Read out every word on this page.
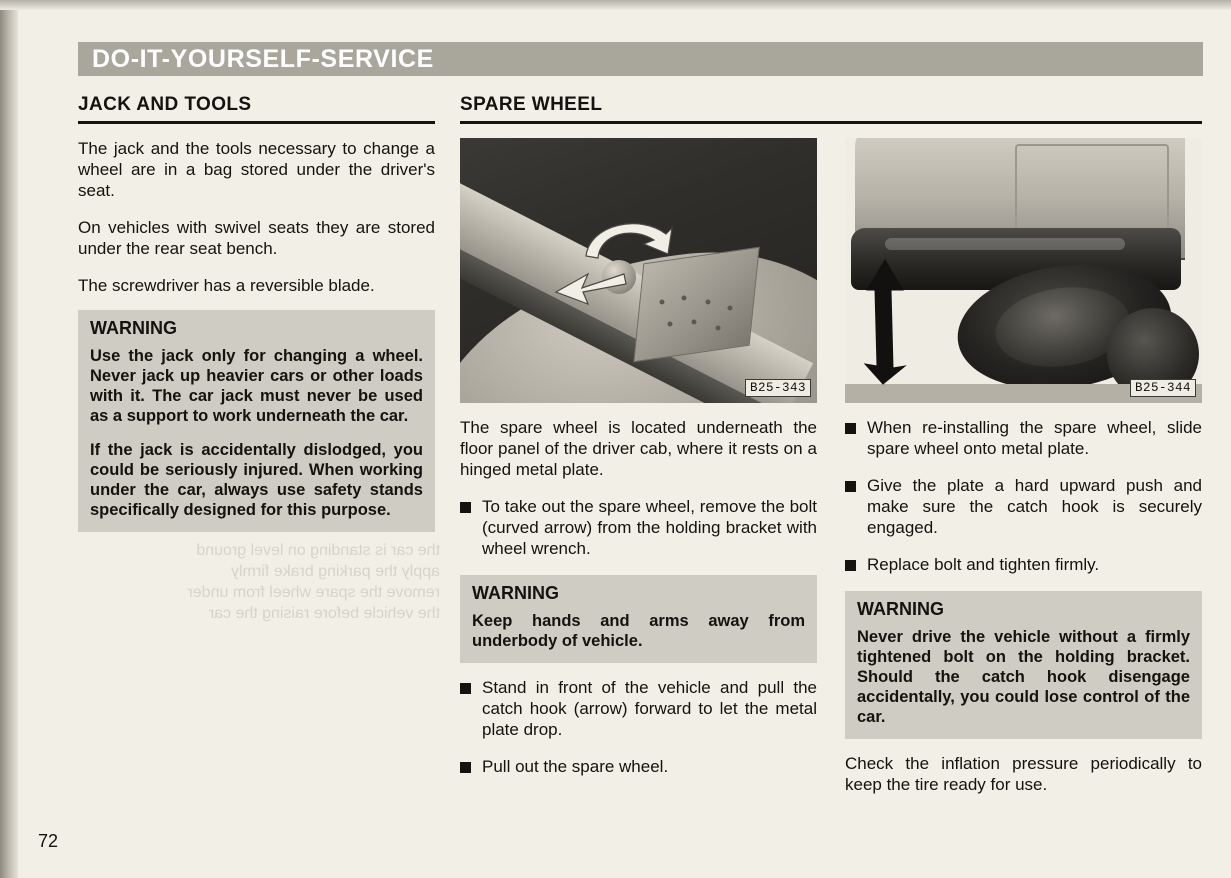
the car is standing on level ground
apply the parking brake firmly
remove the spare wheel from under
the vehicle before raising the car
DO-IT-YOURSELF-SERVICE
JACK AND TOOLS

The jack and the tools necessary to change a wheel are in a bag stored under the driver's seat.

On vehicles with swivel seats they are stored under the rear seat bench.

The screwdriver has a reversible blade.

WARNING

Use the jack only for changing a wheel. Never jack up heavier cars or other loads with it. The car jack must never be used as a support to work underneath the car.

If the jack is accidentally dislodged, you could be seriously injured. When working under the car, always use safety stands specifically designed for this purpose.

SPARE WHEEL
B25-343

The spare wheel is located underneath the floor panel of the driver cab, where it rests on a hinged metal plate.

To take out the spare wheel, remove the bolt (curved arrow) from the holding bracket with wheel wrench.

WARNING

Keep hands and arms away from underbody of vehicle.

Stand in front of the vehicle and pull the catch hook (arrow) forward to let the metal plate drop.

Pull out the spare wheel.

B25-344

When re-installing the spare wheel, slide spare wheel onto metal plate.

Give the plate a hard upward push and make sure the catch hook is securely engaged.

Replace bolt and tighten firmly.

WARNING

Never drive the vehicle without a firmly tightened bolt on the holding bracket. Should the catch hook disengage accidentally, you could lose control of the car.

Check the inflation pressure periodically to keep the tire ready for use.

72
